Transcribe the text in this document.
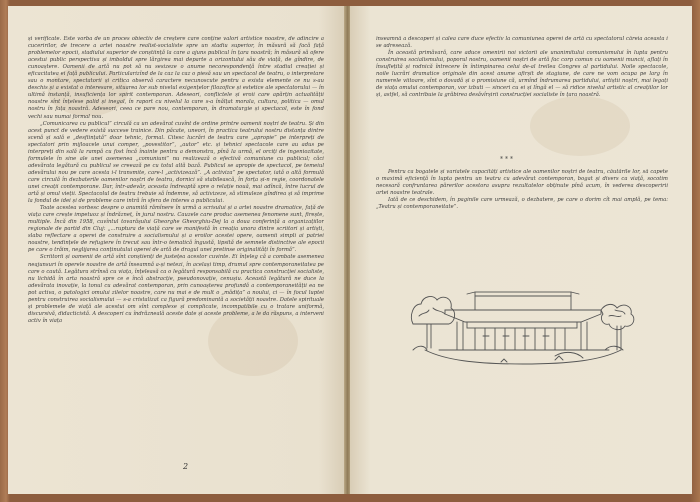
și verificate. Este vorba de un proces obiectiv de creștere care conține valori artistice noastre, de adincire a cuceririlor, de trecere a artei noastre realist-socialiste spre un stadiu superior, în măsură să facă față problemelor epocii, stadiului superior de conștiință la care a ajuns publicul în țara noastră; în măsură să ofere acestui public perspectiva și imboldul spre lărgirea mai departe a orizontului său de viață, de gîndire, de cunoaștere. Oamenii de artă nu pot să nu sesizeze o anume necorespondență între stadiul creației și eficacitatea ei față publicului. Particularizînd de la caz la caz o piesă sau un spectacol de teatru, o interpretare sau o montare, spectatorii și critica observă caractere necunoscute pentru a exista elemente ce nu s-au deschis și a existat o interesare, situarea lor sub nivelul exigențelor filozofice și estetice ale spectatorului — în ultimă instanță, insuficiența lor spirit contemporan. Adeseori, conflictele și eroii care apărțin actualității noastre sînt înțelese palid și inegal, în raport cu nivelul la care s-a înălțat morala, cultura, politica — omul nostru în fața noastră. Adeseori, ceea ce pare nou, contemporan, în dramaturgie și spectacol, este în fond vechi sau numai formal nou.

„Comunicarea cu publicul” circulă ca un adevărat cuvînt de ordine printre oamenii noștri de teatru. Și din acest punct de vedere există succese trainice. Din păcate, uneori, în practica teatrului nostru distanța dintre scenă și sală e „desființată” doar tehnic, formal. Citesc lucrări de teatru care „apropie” pe interpreți de spectatori prin mijloacele unui comper, „povestitor”, „autor” etc. și tehnici spectacole care au adus pe interpreți din sală la rampă cu fost încă înainte pentru a demonstra, pînă la urmă, el orciți de ingeniozitate, formulele în sine ale unei asemenea „comuniuni” nu realizează o efectivă comuniune cu publicul; căci adevărata legătură cu publicul se creează pe cu totul altă bază. Publicul se apropie de spectacol, pe temeiul adevărului nou pe care acesta i-l transmite, care-l „activizează”. „A activiza” pe spectator, iată o altă formulă care circulă în dezbaterile oamenilor noștri de teatru, dornici să stabilească, în forța și-n regie, coordonatele unei creații contemporane. Dar, într-adevăr, aceasta îndreaptă spre o relație nouă, mai adîncă, între lucrul de artă și omul vieții. Spectacolul de teatru trebuie să îndemne, să activizeze, să stimuleze gîndirea și să imprime la fondul de idei și de probleme care intră în sfera de interes a publicului.

Toate acestea vorbesc despre o anumită rămînere în urmă a scrisului și a artei noastre dramatice, față de viața care crește impetuoz și îndrăzneț, în jurul nostru. Cauzele care produc asemenea fenomene sunt, firește, multiple. Încă din 1958, cuvîntul tovarășului Gheorghe Gheorghiu-Dej la a doua conferință a organizațiilor regionale de partid din Cluj: „...ruptura de viață care se manifestă în creația unora dintre scriitori și artiști, slaba reflectare a operei de construire a socialismului și a eroilor acestei opere, oamenii simpli ai patriei noastre, tendințele de refugiere în trecut sau într-o tematică îngustă, lipsită de semnele distinctive ale epocii pe care o trăim, neglijarea conținutului operei de artă de dragul unei pretinse originalități în formă”.

Scriitorii și oamenii de artă sînt conștienți de justețea acestor cuvinte. Ei înțeleg că a combate asemenea neajunsuri în operele noastre de artă înseamnă a-și netezi, în același timp, drumul spre contemporaneitatea pe care o caută. Legătura strînsă cu viața, înțeleasă ca o legătură responsabilă cu practica construcției socialiste, nu lichidă în arta noastră spre ce e încă abstracție, pseudonovație, cenușiu. Această legătură ne duce la adevărata inovație, la tonul cu adevărat contemporan, prin cunoașterea profundă a contemporaneității ea ne pot activa, o patologici omului zilelor noastre, care nu mai e de mult o „mădița” a noului, ci — în focul luptei pentru construirea socialismului — s-a cristalizat ca figură predominantă a societății noastre. Datele spirituale și problemele de viață ale acestui om sînt complexe și complicate, incompatibile cu o tratare uniformă, discursivă, didacticistă. A descoperi cu îndrăzneală aceste date și aceste probleme, a le da răspuns, a interveni activ în viața

2

înseamnă a descoperi și calea care duce efectiv la comuniunea operei de artă cu spectatorul căreia aceasta i se adresează.

În această primăvară, care aduce omenirii noi victorii ale unanimitului comunismului în lupta pentru construirea socialismului, poporul nostru, oamenii noștri de artă fac corp comun cu oamenii muncii, aflați în însuflețită și rodnică întrecere în întimpinarea celui de-al treilea Congres al partidului. Noile spectacole, noile lucrări dramatice originale din acest anume afirșit de stagiune, de care ne vom ocupa pe larg în numerele viitoare, sînt o dovadă și o promisiune că, urmînd îndrumarea partidului, artiștii noștri, mai legați de viața omului contemporan, vor izbuti — sinceri cu ei și lîngă el — să ridice nivelul artistic al creațiilor lor și, astfel, să contribuie la grăbirea desăvîrșirii construcției socialiste în țara noastră.

***

Pentru ca bogatele și variatele capacități artistice ale oamenilor noștri de teatru, căutările lor, să capete o maximă eficiență în lupta pentru un teatru cu adevărat contemporan, bogat și divers ca viață, socotim necesară confruntarea părerilor acestora asupra rezultatelor obținute pînă acum, în vederea descoperirii artei noastre teatrale.

Iată de ce deschidem, în paginile care urmează, o dezbatere, pe care o dorim cît mai amplă, pe tema: „Teatru și contemporaneitate”.
